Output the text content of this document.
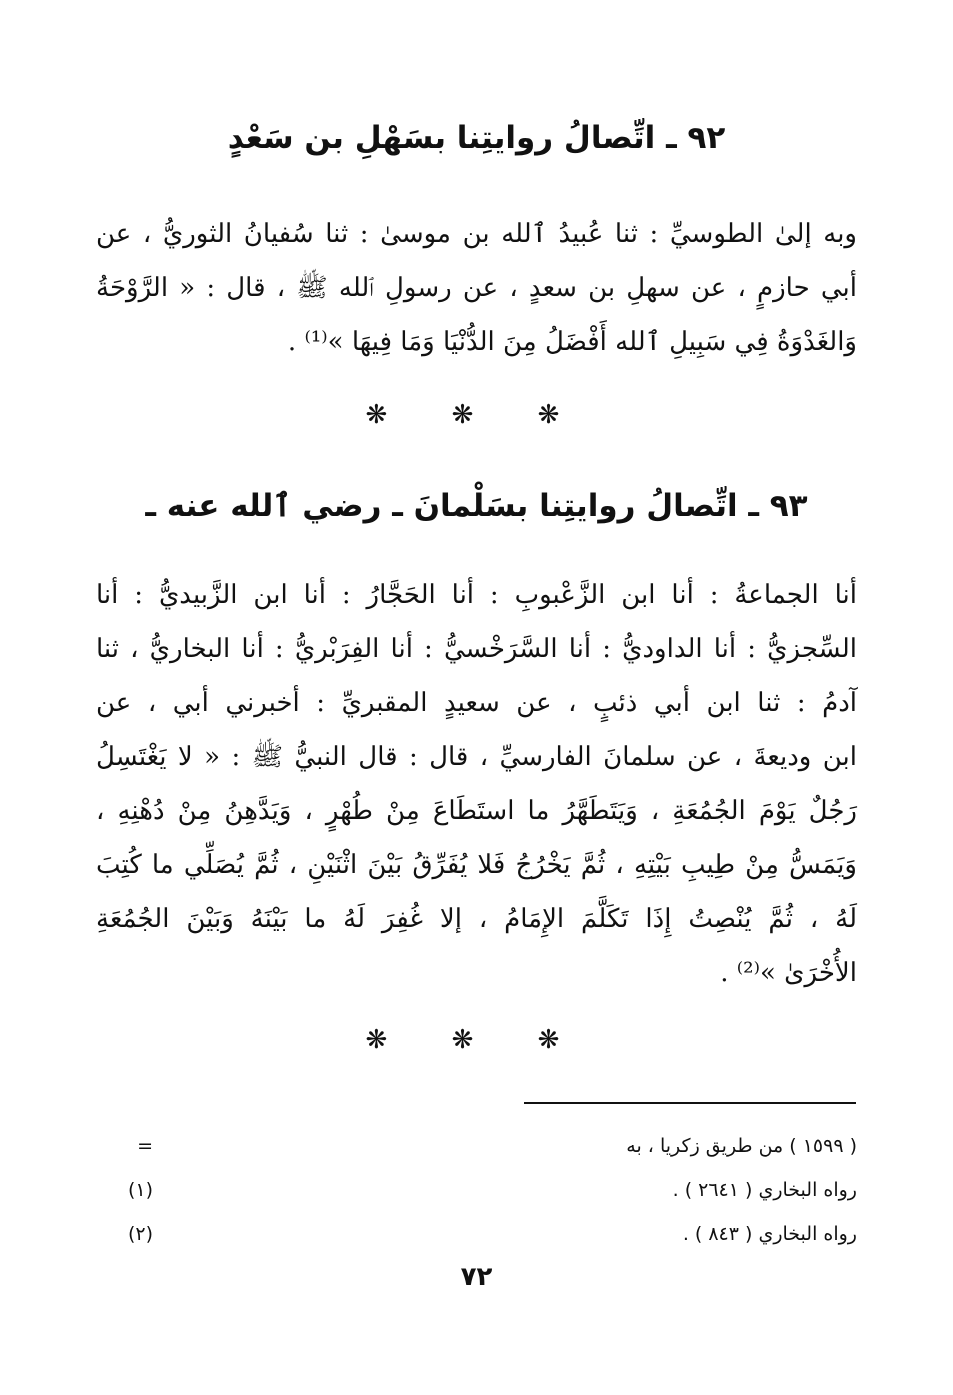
٩٢ ـ اتِّصالُ روايتِنا بسَهْلِ بن سَعْدٍ
وبه إلىٰ الطوسيِّ : ثنا عُبيدُ ٱلله بن موسىٰ : ثنا سُفيانُ الثوريُّ ، عن
أبي حازمٍ ، عن سهلِ بن سعدٍ ، عن رسولِ ٱلله ﷺ ، قال : « الرَّوْحَةُ
وَالغَدْوَةُ فِي سَبِيلِ ٱلله أَفْضَلُ مِنَ الدُّنْيَا وَمَا فِيهَا »⁽¹⁾ .
❋ ❋ ❋
٩٣ ـ اتِّصالُ روايتِنا بسَلْمانَ ـ رضي ٱلله عنه ـ
أنا الجماعةُ : أنا ابن الزَّعْبوبِ : أنا الحَجَّارُ : أنا ابن الزَّبيديُّ : أنا
السِّجزيُّ : أنا الداوديُّ : أنا السَّرَخْسيُّ : أنا الفِرَبْريُّ : أنا البخاريُّ ، ثنا
آدمُ : ثنا ابن أبي ذئبٍ ، عن سعيدٍ المقبريِّ : أخبرني أبي ، عن
ابن وديعةَ ، عن سلمانَ الفارسيِّ ، قال : قال النبيُّ ﷺ : « لا يَغْتَسِلُ
رَجُلٌ يَوْمَ الجُمُعَةِ ، وَيَتَطَهَّرُ ما استَطَاعَ مِنْ طُهْرٍ ، وَيَدَّهِنُ مِنْ دُهْنِهِ ،
وَيَمَسُّ مِنْ طِيبِ بَيْتِهِ ، ثُمَّ يَخْرُجُ فَلا يُفَرِّقُ بَيْنَ اثْنَيْنِ ، ثُمَّ يُصَلِّي ما كُتِبَ
لَهُ ، ثُمَّ يُنْصِتُ إِذَا تَكَلَّمَ الإِمَامُ ، إلا غُفِرَ لَهُ ما بَيْنَهُ وَبَيْنَ الجُمُعَةِ
الأُخْرَىٰ »⁽²⁾ .
❋ ❋ ❋
( ١٥٩٩ ) من طريق زكريا ، به
=
رواه البخاري ( ٢٦٤١ ) .
(١)
رواه البخاري ( ٨٤٣ ) .
(٢)
٧٢
